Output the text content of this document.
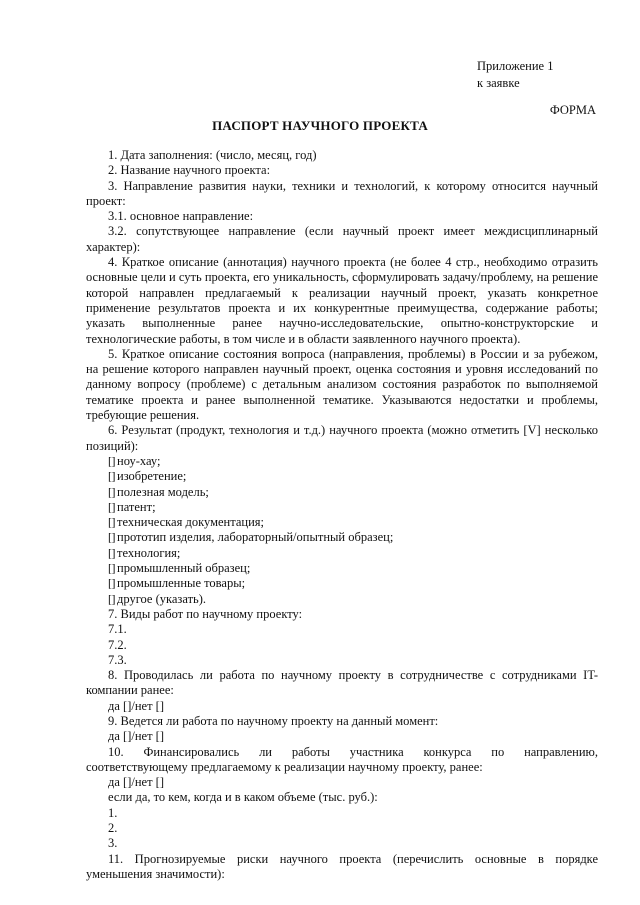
Приложение 1
к заявке
ФОРМА
ПАСПОРТ НАУЧНОГО ПРОЕКТА

1. Дата заполнения: (число, месяц, год)

2. Название научного проекта:

3. Направление развития науки, техники и технологий, к которому относится научный проект:

3.1. основное направление:

3.2. сопутствующее направление (если научный проект имеет междисциплинарный характер):

4. Краткое описание (аннотация) научного проекта (не более 4 стр., необходимо отразить основные цели и суть проекта, его уникальность, сформулировать задачу/проблему, на решение которой направлен предлагаемый к реализации научный проект, указать конкретное применение результатов проекта и их конкурентные преимущества, содержание работы; указать выполненные ранее научно-исследовательские, опытно-конструкторские и технологические работы, в том числе и в области заявленного научного проекта).

5. Краткое описание состояния вопроса (направления, проблемы) в России и за рубежом, на решение которого направлен научный проект, оценка состояния и уровня исследований по данному вопросу (проблеме) с детальным анализом состояния разработок по выполняемой тематике проекта и ранее выполненной тематике. Указываются недостатки и проблемы, требующие решения.

6. Результат (продукт, технология и т.д.) научного проекта (можно отметить [V] несколько позиций):

[] ноу-хау;

[] изобретение;

[] полезная модель;

[] патент;

[] техническая документация;

[] прототип изделия, лабораторный/опытный образец;

[] технология;

[] промышленный образец;

[] промышленные товары;

[] другое (указать).

7. Виды работ по научному проекту:

7.1.

7.2.

7.3.

8. Проводилась ли работа по научному проекту в сотрудничестве с сотрудниками IT-компании ранее:

да []/нет []

9. Ведется ли работа по научному проекту на данный момент:

да []/нет []

10. Финансировались ли работы участника конкурса по направлению,

соответствующему предлагаемому к реализации научному проекту, ранее:

да []/нет []

если да, то кем, когда и в каком объеме (тыс. руб.):

1.

2.

3.

11. Прогнозируемые риски научного проекта (перечислить основные в порядке уменьшения значимости):
